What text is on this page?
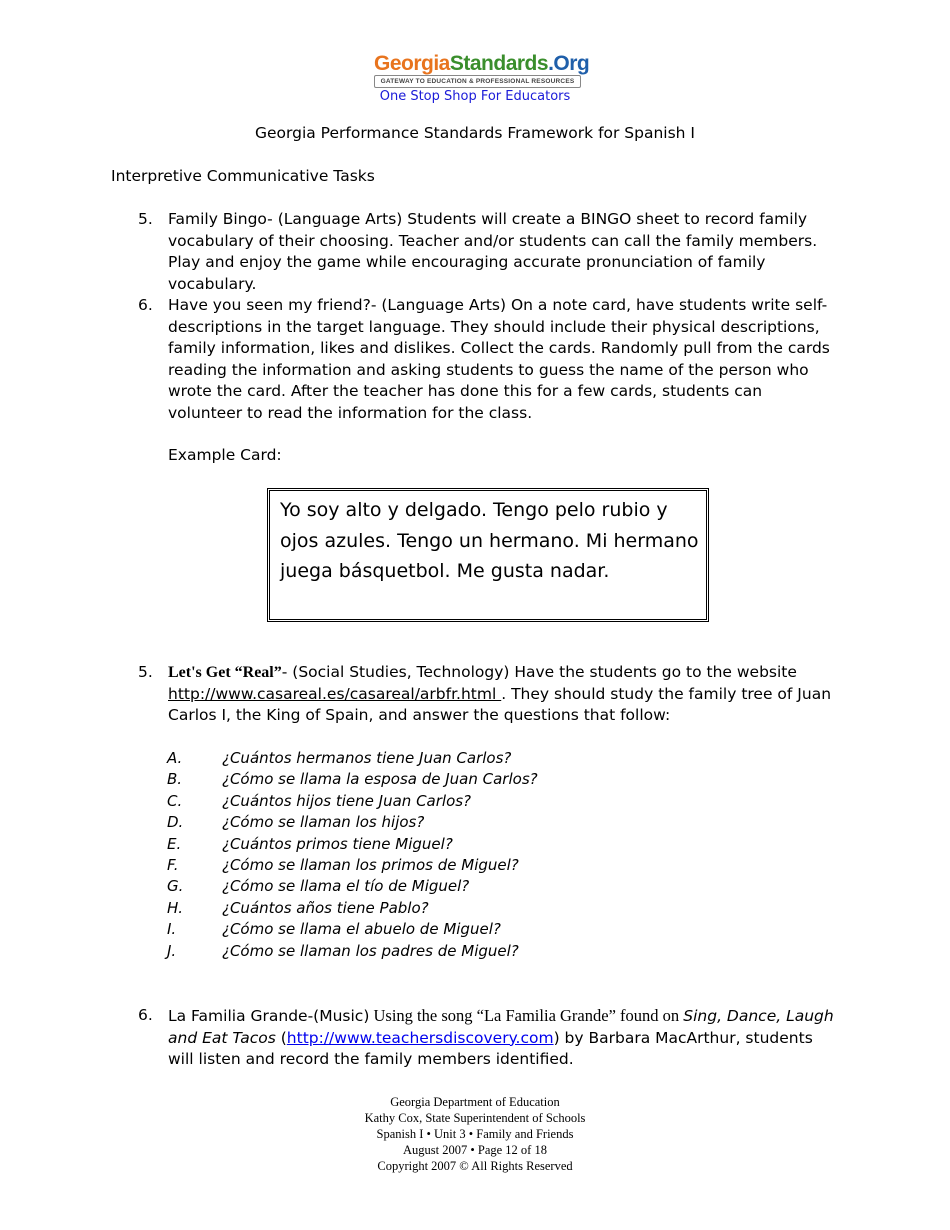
GeorgiaStandards.Org
GATEWAY TO EDUCATION & PROFESSIONAL RESOURCES
One Stop Shop For Educators
Georgia Performance Standards Framework for Spanish I
Interpretive Communicative Tasks
5. Family Bingo- (Language Arts) Students will create a BINGO sheet to record family vocabulary of their choosing. Teacher and/or students can call the family members. Play and enjoy the game while encouraging accurate pronunciation of family vocabulary.
6. Have you seen my friend?- (Language Arts) On a note card, have students write self-descriptions in the target language. They should include their physical descriptions, family information, likes and dislikes. Collect the cards. Randomly pull from the cards reading the information and asking students to guess the name of the person who wrote the card. After the teacher has done this for a few cards, students can volunteer to read the information for the class.
Example Card:
Yo soy alto y delgado. Tengo pelo rubio y ojos azules. Tengo un hermano. Mi hermano juega básquetbol. Me gusta nadar.
5. Let's Get “Real”- (Social Studies, Technology) Have the students go to the website http://www.casareal.es/casareal/arbfr.html . They should study the family tree of Juan Carlos I, the King of Spain, and answer the questions that follow:
A.	¿Cuántos hermanos tiene Juan Carlos?
B.	¿Cómo se llama la esposa de Juan Carlos?
C.	¿Cuántos hijos tiene Juan Carlos?
D.	¿Cómo se llaman los hijos?
E.	¿Cuántos primos tiene Miguel?
F.	¿Cómo se llaman los primos de Miguel?
G.	¿Cómo se llama el tío de Miguel?
H.	¿Cuántos años tiene Pablo?
I.	¿Cómo se llama el abuelo de Miguel?
J.	¿Cómo se llaman los padres de Miguel?
6. La Familia Grande-(Music) Using the song “La Familia Grande” found on Sing, Dance, Laugh and Eat Tacos (http://www.teachersdiscovery.com) by Barbara MacArthur, students will listen and record the family members identified.
Georgia Department of Education
Kathy Cox, State Superintendent of Schools
Spanish I • Unit 3 • Family and Friends
August 2007 • Page 12 of 18
Copyright 2007 © All Rights Reserved
